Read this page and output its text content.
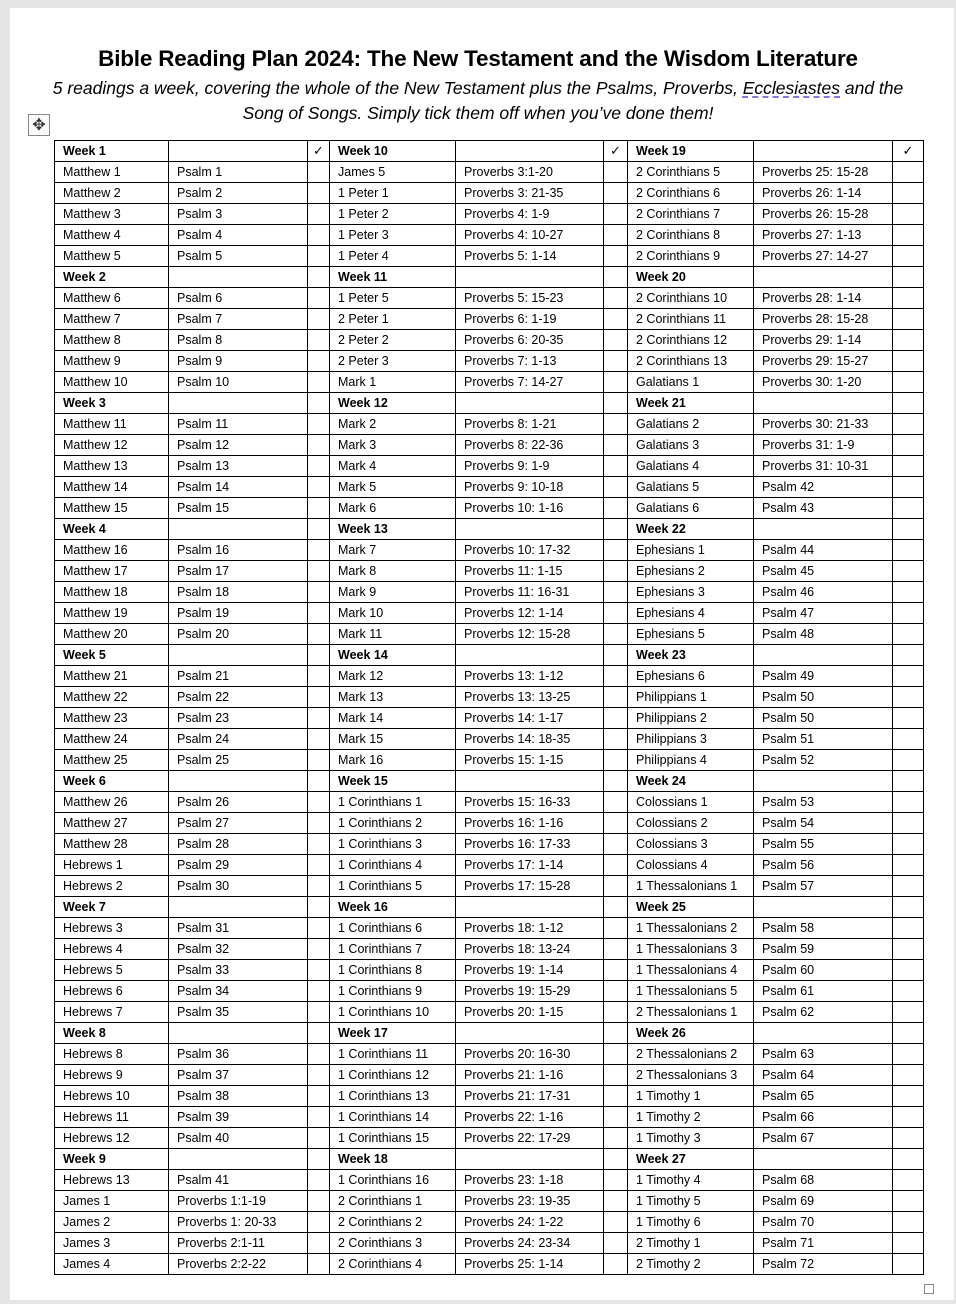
Bible Reading Plan 2024: The New Testament and the Wisdom Literature
5 readings a week, covering the whole of the New Testament plus the Psalms, Proverbs, Ecclesiastes and the Song of Songs. Simply tick them off when you’ve done them!
✥
Week 1		✓	Week 10		✓	Week 19		✓
Matthew 1	Psalm 1		James 5	Proverbs 3:1-20		2 Corinthians 5	Proverbs 25: 15-28	
Matthew 2	Psalm 2		1 Peter 1	Proverbs 3: 21-35		2 Corinthians 6	Proverbs 26: 1-14	
Matthew 3	Psalm 3		1 Peter 2	Proverbs 4: 1-9		2 Corinthians 7	Proverbs 26: 15-28	
Matthew 4	Psalm 4		1 Peter 3	Proverbs 4: 10-27		2 Corinthians 8	Proverbs 27: 1-13	
Matthew 5	Psalm 5		1 Peter 4	Proverbs 5: 1-14		2 Corinthians 9	Proverbs 27: 14-27	
Week 2			Week 11			Week 20		
Matthew 6	Psalm 6		1 Peter 5	Proverbs 5: 15-23		2 Corinthians 10	Proverbs 28: 1-14	
Matthew 7	Psalm 7		2 Peter 1	Proverbs 6: 1-19		2 Corinthians 11	Proverbs 28: 15-28	
Matthew 8	Psalm 8		2 Peter 2	Proverbs 6: 20-35		2 Corinthians 12	Proverbs 29: 1-14	
Matthew 9	Psalm 9		2 Peter 3	Proverbs 7: 1-13		2 Corinthians 13	Proverbs 29: 15-27	
Matthew 10	Psalm 10		Mark 1	Proverbs 7: 14-27		Galatians 1	Proverbs 30: 1-20	
Week 3			Week 12			Week 21		
Matthew 11	Psalm 11		Mark 2	Proverbs 8: 1-21		Galatians 2	Proverbs 30: 21-33	
Matthew 12	Psalm 12		Mark 3	Proverbs 8: 22-36		Galatians 3	Proverbs 31: 1-9	
Matthew 13	Psalm 13		Mark 4	Proverbs 9: 1-9		Galatians 4	Proverbs 31: 10-31	
Matthew 14	Psalm 14		Mark 5	Proverbs 9: 10-18		Galatians 5	Psalm 42	
Matthew 15	Psalm 15		Mark 6	Proverbs 10: 1-16		Galatians 6	Psalm 43	
Week 4			Week 13			Week 22		
Matthew 16	Psalm 16		Mark 7	Proverbs 10: 17-32		Ephesians 1	Psalm 44	
Matthew 17	Psalm 17		Mark 8	Proverbs 11: 1-15		Ephesians 2	Psalm 45	
Matthew 18	Psalm 18		Mark 9	Proverbs 11: 16-31		Ephesians 3	Psalm 46	
Matthew 19	Psalm 19		Mark 10	Proverbs 12: 1-14		Ephesians 4	Psalm 47	
Matthew 20	Psalm 20		Mark 11	Proverbs 12: 15-28		Ephesians 5	Psalm 48	
Week 5			Week 14			Week 23		
Matthew 21	Psalm 21		Mark 12	Proverbs 13: 1-12		Ephesians 6	Psalm 49	
Matthew 22	Psalm 22		Mark 13	Proverbs 13: 13-25		Philippians 1	Psalm 50	
Matthew 23	Psalm 23		Mark 14	Proverbs 14: 1-17		Philippians 2	Psalm 50	
Matthew 24	Psalm 24		Mark 15	Proverbs 14: 18-35		Philippians 3	Psalm 51	
Matthew 25	Psalm 25		Mark 16	Proverbs 15: 1-15		Philippians 4	Psalm 52	
Week 6			Week 15			Week 24		
Matthew 26	Psalm 26		1 Corinthians 1	Proverbs 15: 16-33		Colossians 1	Psalm 53	
Matthew 27	Psalm 27		1 Corinthians 2	Proverbs 16: 1-16		Colossians 2	Psalm 54	
Matthew 28	Psalm 28		1 Corinthians 3	Proverbs 16: 17-33		Colossians 3	Psalm 55	
Hebrews 1	Psalm 29		1 Corinthians 4	Proverbs 17: 1-14		Colossians 4	Psalm 56	
Hebrews 2	Psalm 30		1 Corinthians 5	Proverbs 17: 15-28		1 Thessalonians 1	Psalm 57	
Week 7			Week 16			Week 25		
Hebrews 3	Psalm 31		1 Corinthians 6	Proverbs 18: 1-12		1 Thessalonians 2	Psalm 58	
Hebrews 4	Psalm 32		1 Corinthians 7	Proverbs 18: 13-24		1 Thessalonians 3	Psalm 59	
Hebrews 5	Psalm 33		1 Corinthians 8	Proverbs 19: 1-14		1 Thessalonians 4	Psalm 60	
Hebrews 6	Psalm 34		1 Corinthians 9	Proverbs 19: 15-29		1 Thessalonians 5	Psalm 61	
Hebrews 7	Psalm 35		1 Corinthians 10	Proverbs 20: 1-15		2 Thessalonians 1	Psalm 62	
Week 8			Week 17			Week 26		
Hebrews 8	Psalm 36		1 Corinthians 11	Proverbs 20: 16-30		2 Thessalonians 2	Psalm 63	
Hebrews 9	Psalm 37		1 Corinthians 12	Proverbs 21: 1-16		2 Thessalonians 3	Psalm 64	
Hebrews 10	Psalm 38		1 Corinthians 13	Proverbs 21: 17-31		1 Timothy 1	Psalm 65	
Hebrews 11	Psalm 39		1 Corinthians 14	Proverbs 22: 1-16		1 Timothy 2	Psalm 66	
Hebrews 12	Psalm 40		1 Corinthians 15	Proverbs 22: 17-29		1 Timothy 3	Psalm 67	
Week 9			Week 18			Week 27		
Hebrews 13	Psalm 41		1 Corinthians 16	Proverbs 23: 1-18		1 Timothy 4	Psalm 68	
James 1	Proverbs 1:1-19		2 Corinthians 1	Proverbs 23: 19-35		1 Timothy 5	Psalm 69	
James 2	Proverbs 1: 20-33		2 Corinthians 2	Proverbs 24: 1-22		1 Timothy 6	Psalm 70	
James 3	Proverbs 2:1-11		2 Corinthians 3	Proverbs 24: 23-34		2 Timothy 1	Psalm 71	
James 4	Proverbs 2:2-22		2 Corinthians 4	Proverbs 25: 1-14		2 Timothy 2	Psalm 72	
